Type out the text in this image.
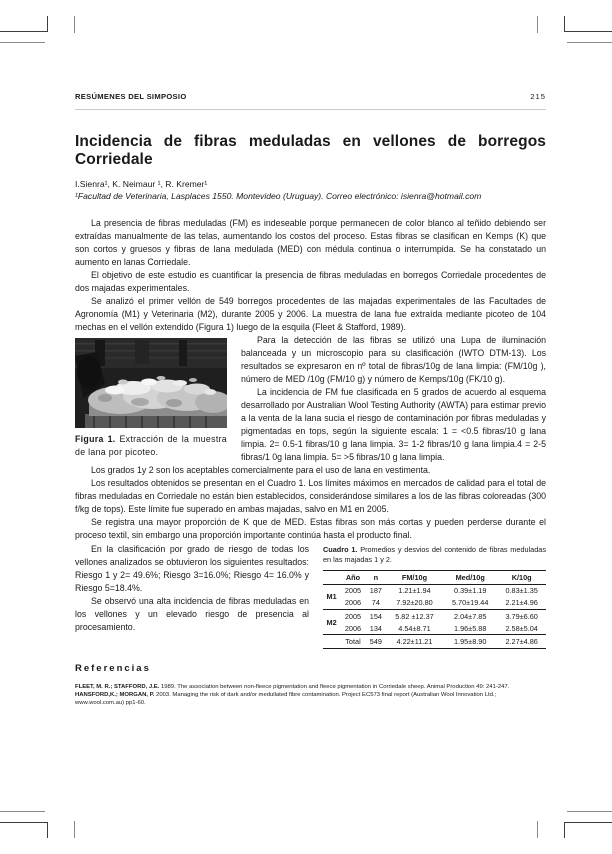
RESÚMENES DEL SIMPOSIO	215
Incidencia de fibras meduladas en vellones de borregos Corriedale
I.Sienra¹, K. Neimaur ¹, R. Kremer¹
¹Facultad de Veterinaria, Lasplaces 1550. Montevideo (Uruguay). Correo electrónico: isienra@hotmail.com

La presencia de fibras meduladas (FM) es indeseable porque permanecen de color blanco al teñido debiendo ser extraídas manualmente de las telas, aumentando los costos del proceso. Estas fibras se clasifican en Kemps (K) que son cortos y gruesos y fibras de lana medulada (MED) con médula continua o interrumpida. Se ha constatado un aumento en lanas Corriedale.

El objetivo de este estudio es cuantificar la presencia de fibras meduladas en borregos Corriedale procedentes de dos majadas experimentales.

Se analizó el primer vellón de 549 borregos procedentes de las majadas experimentales de las Facultades de Agronomía (M1) y Veterinaria (M2), durante 2005 y 2006. La muestra de lana fue extraída mediante picoteo de 104 mechas en el vellón extendido (Figura 1) luego de la esquila (Fleet & Stafford, 1989).

Figura 1. Extracción de la muestra de lana por picoteo.

Para la detección de las fibras se utilizó una Lupa de iluminación balanceada y un microscopio para su clasificación (IWTO DTM-13). Los resultados se expresaron en nº total de fibras/10g de lana limpia: (FM/10g ), número de MED /10g (FM/10 g) y número de Kemps/10g (FK/10 g).

La incidencia de FM fue clasificada en 5 grados de acuerdo al esquema desarrollado por Australian Wool Testing Authority (AWTA) para estimar previo a la venta de la lana sucia el riesgo de contaminación por fibras meduladas y pigmentadas en tops, según la siguiente escala: 1 = <0.5 fibras/10 g lana limpia. 2= 0.5-1 fibras/10 g lana limpia. 3= 1-2 fibras/10 g lana limpia.4 = 2-5 fibras/1 0g lana limpia. 5= >5 fibras/10 g lana limpia.

Los grados 1y 2 son los aceptables comercialmente para el uso de lana en vestimenta.

Los resultados obtenidos se presentan en el Cuadro 1. Los límites máximos en mercados de calidad para el total de fibras meduladas en Corriedale no están bien establecidos, considerándose similares a los de las fibras coloreadas (300 f/kg de tops). Este límite fue superado en ambas majadas, salvo en M1 en 2005.

Se registra una mayor proporción de K que de MED. Estas fibras son más cortas y pueden perderse durante el proceso textil, sin embargo una proporción importante continúa hasta el producto final.

En la clasificación por grado de riesgo de todas los vellones analizados se obtuvieron los siguientes resultados: Riesgo 1 y 2= 49.6%; Riesgo 3=16.0%; Riesgo 4= 16.0% y Riesgo 5=18.4%.

Se observó una alta incidencia de fibras meduladas en los vellones y un elevado riesgo de presencia al procesamiento.

Cuadro 1. Promedios y desvios del contenido de fibras meduladas en las majadas 1 y 2.
	Año	n	FM/10g	Med/10g	K/10g
M1	2005	187	1.21±1.94	0.39±1.19	0.83±1.35
	2006	74	7.92±20.80	5.70±19.44	2.21±4.96
M2	2005	154	5.82 ±12.37	2.04±7.85	3.79±6.60
	2006	134	4.54±8.71	1.96±5.88	2.58±5.04
	Total	549	4.22±11.21	1.95±8.90	2.27±4.86
Referencias

FLEET, M. R.; STAFFORD, J.E. 1989. The association between non-fleece pigmentation and fleece pigmentation in Corriedale sheep. Animal Production 49: 241-247.

HANSFORD,K.; MORGAN, P. 2003. Managing the risk of dark and/or medullated fibre contamination. Project EC573 final report (Australian Wool Innovation Ltd.; www.wool.com.au) pp1-60.
